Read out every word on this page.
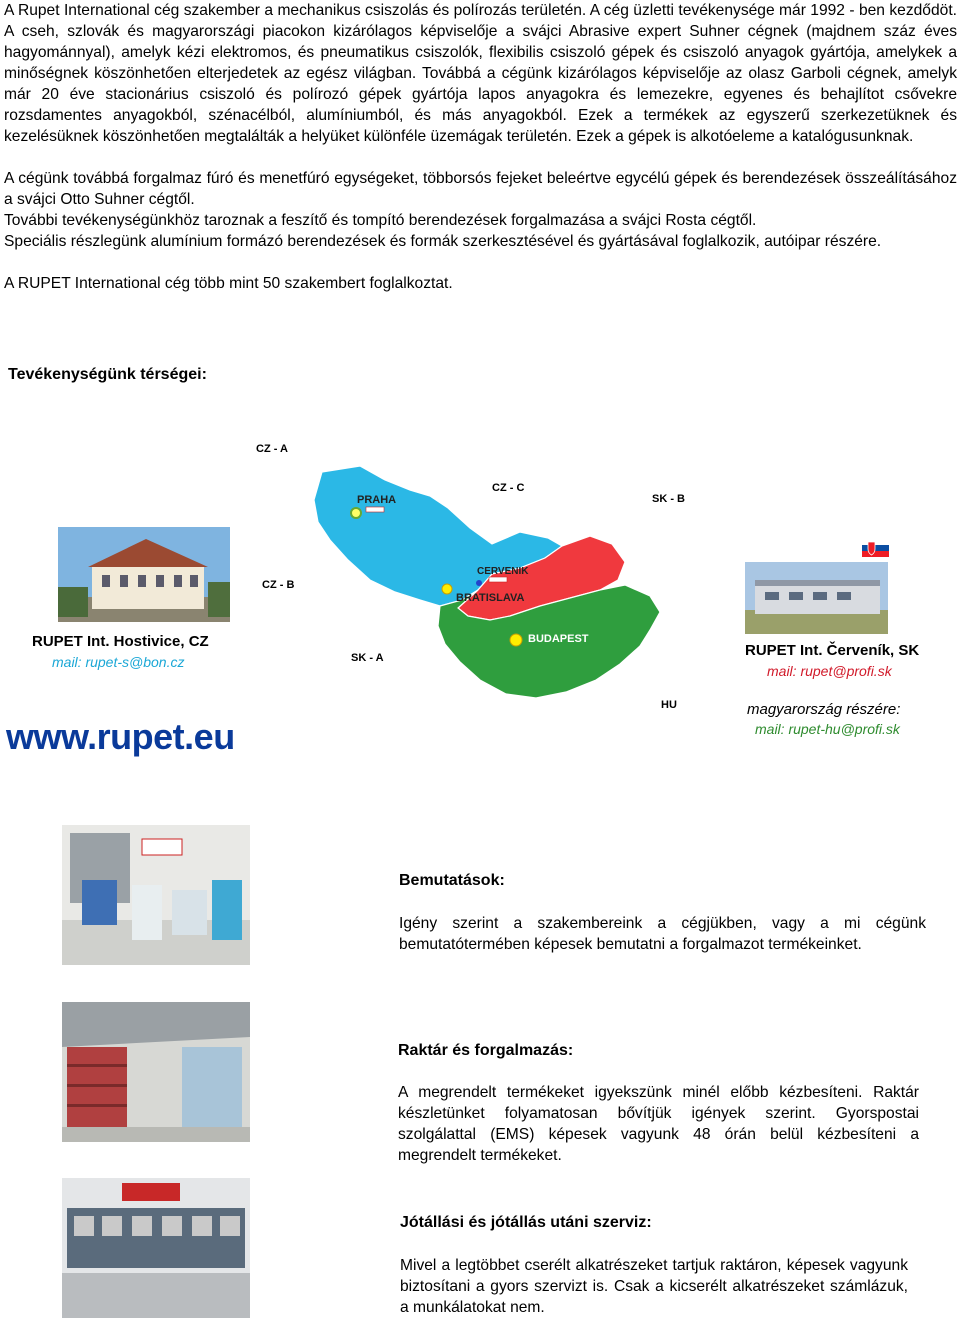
A Rupet International cég szakember a mechanikus csiszolás és polírozás területén. A cég üzletti tevékenysége már 1992 - ben kezdődöt. A cseh, szlovák és magyarországi piacokon kizárólagos képviselője a svájci Abrasive expert Suhner cégnek (majdnem száz éves hagyománnyal), amelyk kézi elektromos, és pneumatikus csiszolók, flexibilis csiszoló gépek és csiszoló anyagok gyártója, amelykek a minőségnek köszönhetően elterjedetek az egész világban. Továbbá a cégünk kizárólagos képviselője az olasz Garboli cégnek, amelyk már 20 éve stacionárius csiszoló és polírozó gépek gyártója lapos anyagokra és lemezekre, egyenes és behajlítot csővekre rozsdamentes anyagokból, szénacélból, alumíniumból, és más anyagokból. Ezek a termékek az egyszerű szerkezetüknek és kezelésüknek köszönhetően megtalálták a helyüket különféle üzemágak területén. Ezek a gépek is alkotóeleme a katalógusunknak.

A cégünk továbbá forgalmaz fúró és menetfúró egységeket, többorsós fejeket beleértve egycélú gépek és berendezések összeálításához a svájci Otto Suhner cégtől.

További tevékenységünkhöz taroznak a feszítő és tompító berendezések forgalmazása a svájci Rosta cégtől.

Speciális részlegünk alumínium formázó berendezések és formák szerkesztésével és gyártásával foglalkozik, autóipar részére.

A RUPET International cég több mint 50 szakembert foglalkoztat.

Tevékenységünk térségei:
CZ - A
CZ - C
SK - B
CZ - B
SK - A
HU
PRAHA
CERVENIK
BRATISLAVA
BUDAPEST
RUPET Int. Hostivice, CZ
mail: rupet-s@bon.cz
RUPET Int. Červeník, SK
mail: rupet@profi.sk
magyarország részére:
mail: rupet-hu@profi.sk
www.rupet.eu
Bemutatások:

Igény szerint a szakembereink a cégjükben, vagy a mi cégünk bemutatótermében képesek bemutatni a forgalmazot termékeinket.

Raktár és forgalmazás:

A megrendelt termékeket igyekszünk minél előbb kézbesíteni. Raktár készletünket folyamatosan bővítjük igények szerint. Gyorspostai szolgálattal (EMS) képesek vagyunk 48 órán belül kézbesíteni a megrendelt termékeket.

Jótállási és jótállás utáni szerviz:

Mivel a legtöbbet cserélt alkatrészeket tartjuk raktáron, képesek vagyunk biztosítani a gyors szervizt is. Csak a kicserélt alkatrészeket számlázuk, a munkálatokat nem.
